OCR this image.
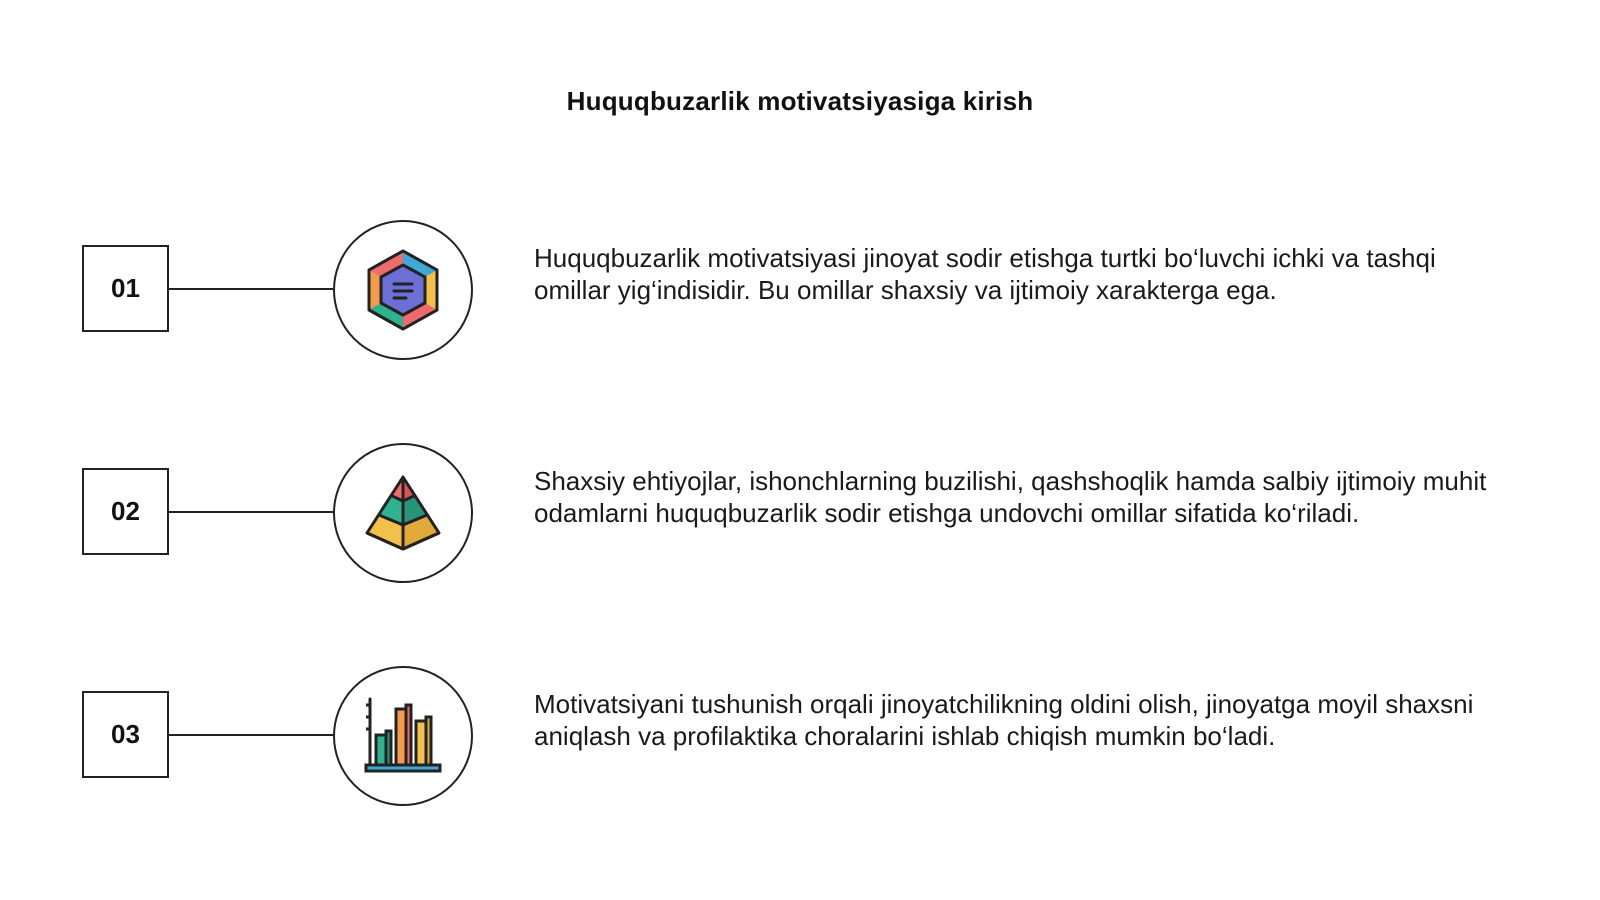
Huquqbuzarlik motivatsiyasiga kirish
01
Huquqbuzarlik motivatsiyasi jinoyat sodir etishga turtki bo‘luvchi ichki va tashqi omillar yig‘indisidir. Bu omillar shaxsiy va ijtimoiy xarakterga ega.
02
Shaxsiy ehtiyojlar, ishonchlarning buzilishi, qashshoqlik hamda salbiy ijtimoiy muhit odamlarni huquqbuzarlik sodir etishga undovchi omillar sifatida ko‘riladi.
03
Motivatsiyani tushunish orqali jinoyatchilikning oldini olish, jinoyatga moyil shaxsni aniqlash va profilaktika choralarini ishlab chiqish mumkin bo‘ladi.
